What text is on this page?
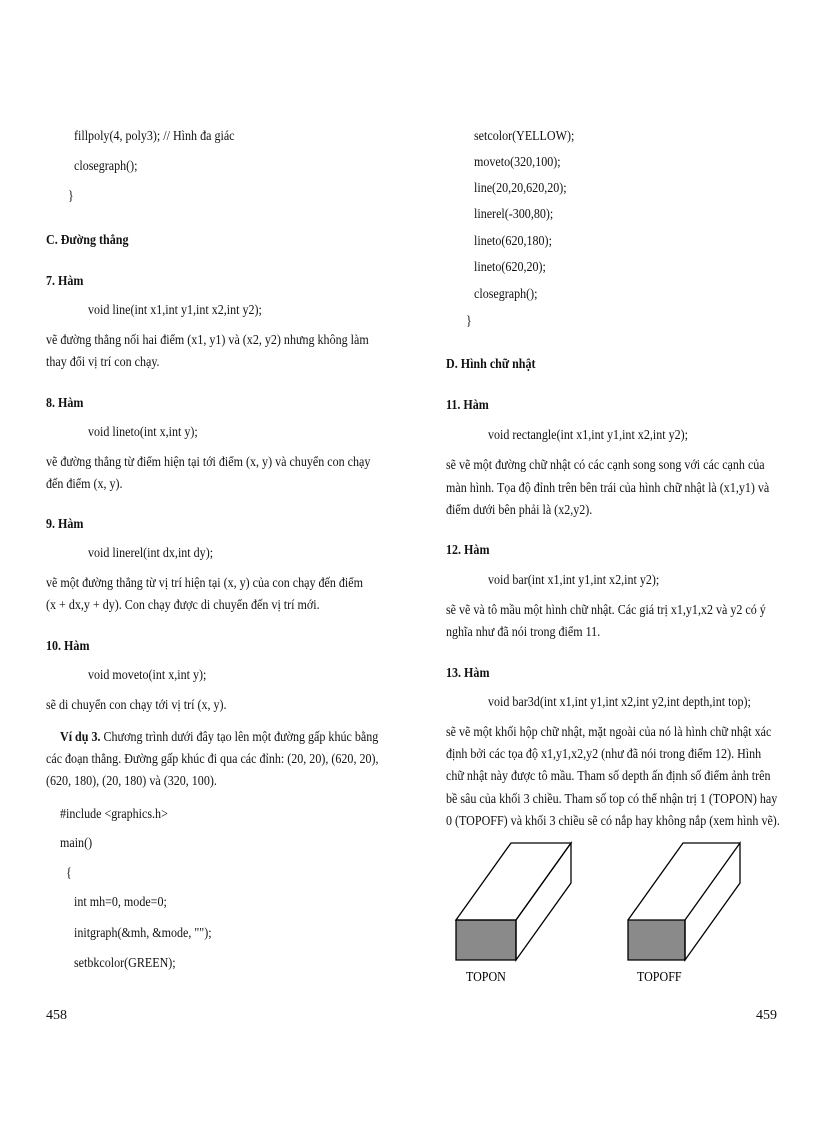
fillpoly(4, poly3); // Hình đa giác
closegraph();
}
C. Đường thẳng
7. Hàm
void line(int x1,int y1,int x2,int y2);
vẽ đường thẳng nối hai điểm (x1, y1) và (x2, y2) nhưng không làm
thay đổi vị trí con chạy.
8. Hàm
void lineto(int x,int y);
vẽ đường thẳng từ điểm hiện tại tới điểm (x, y) và chuyển con chạy
đến điểm (x, y).
9. Hàm
void linerel(int dx,int dy);
vẽ một đường thẳng từ vị trí hiện tại (x, y) của con chạy đến điểm
(x + dx,y + dy). Con chạy được di chuyển đến vị trí mới.
10. Hàm
void moveto(int x,int y);
sẽ di chuyển con chạy tới vị trí (x, y).
Ví dụ 3. Chương trình dưới đây tạo lên một đường gấp khúc bằng
các đoạn thẳng. Đường gấp khúc đi qua các đỉnh: (20, 20), (620, 20),
(620, 180), (20, 180) và (320, 100).
#include <graphics.h>
main()
{
int mh=0, mode=0;
initgraph(&mh, &mode, "");
setbkcolor(GREEN);
458
setcolor(YELLOW);
moveto(320,100);
line(20,20,620,20);
linerel(-300,80);
lineto(620,180);
lineto(620,20);
closegraph();
}
D. Hình chữ nhật
11. Hàm
void rectangle(int x1,int y1,int x2,int y2);
sẽ vẽ một đường chữ nhật có các cạnh song song với các cạnh của
màn hình. Tọa độ đỉnh trên bên trái của hình chữ nhật là (x1,y1) và
điểm dưới bên phải là (x2,y2).
12. Hàm
void bar(int x1,int y1,int x2,int y2);
sẽ vẽ và tô mầu một hình chữ nhật. Các giá trị x1,y1,x2 và y2 có ý
nghĩa như đã nói trong điểm 11.
13. Hàm
void bar3d(int x1,int y1,int x2,int y2,int depth,int top);
sẽ vẽ một khối hộp chữ nhật, mặt ngoài của nó là hình chữ nhật xác
định bởi các tọa độ x1,y1,x2,y2 (như đã nói trong điểm 12). Hình
chữ nhật này được tô mầu. Tham số depth ấn định số điểm ảnh trên
bề sâu của khối 3 chiều. Tham số top có thể nhận trị 1 (TOPON) hay
0 (TOPOFF) và khối 3 chiều sẽ có nắp hay không nắp (xem hình vẽ).
459
TOPON	TOPOFF
